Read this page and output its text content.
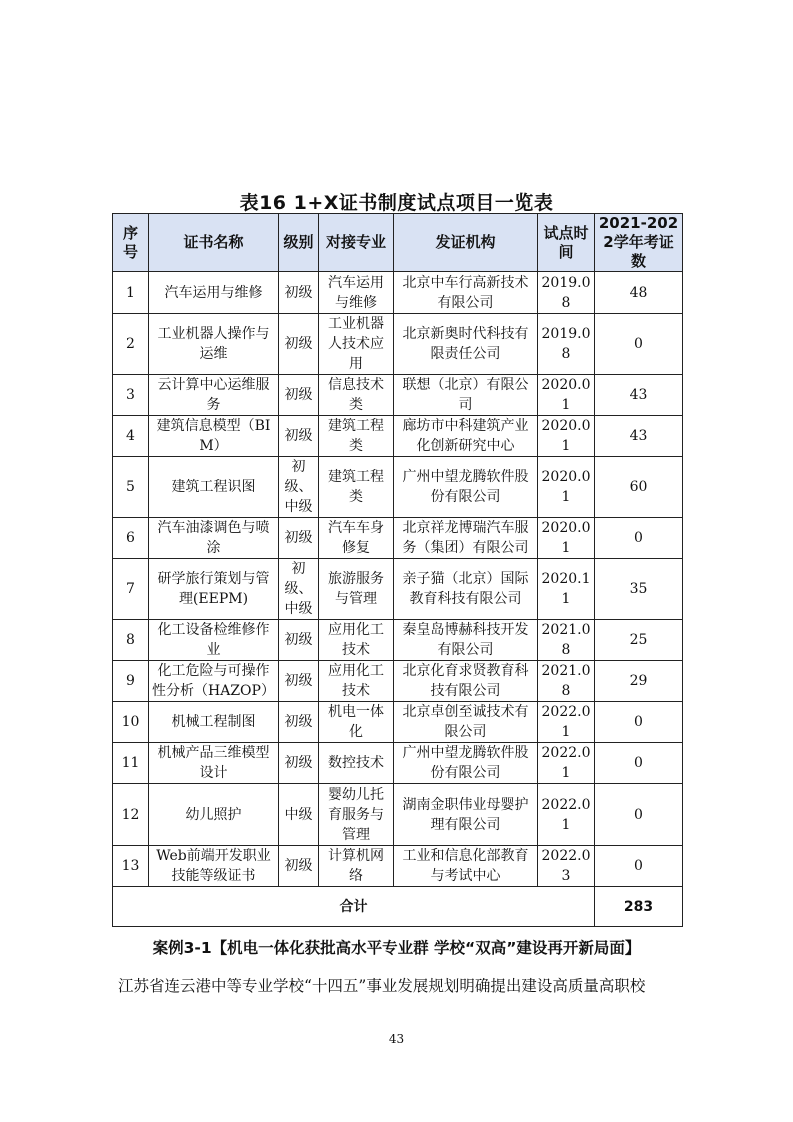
表16 1+X证书制度试点项目一览表
序号	证书名称	级别	对接专业	发证机构	试点时间	2021-2022学年考证数
1	汽车运用与维修	初级	汽车运用与维修	北京中车行高新技术有限公司	2019.08	48
2	工业机器人操作与运维	初级	工业机器人技术应用	北京新奥时代科技有限责任公司	2019.08	0
3	云计算中心运维服务	初级	信息技术类	联想（北京）有限公司	2020.01	43
4	建筑信息模型（BIM）	初级	建筑工程类	廊坊市中科建筑产业化创新研究中心	2020.01	43
5	建筑工程识图	初级、中级	建筑工程类	广州中望龙腾软件股份有限公司	2020.01	60
6	汽车油漆调色与喷涂	初级	汽车车身修复	北京祥龙博瑞汽车服务（集团）有限公司	2020.01	0
7	研学旅行策划与管理(EEPM)	初级、中级	旅游服务与管理	亲子猫（北京）国际教育科技有限公司	2020.11	35
8	化工设备检维修作业	初级	应用化工技术	秦皇岛博赫科技开发有限公司	2021.08	25
9	化工危险与可操作性分析（HAZOP）	初级	应用化工技术	北京化育求贤教育科技有限公司	2021.08	29
10	机械工程制图	初级	机电一体化	北京卓创至诚技术有限公司	2022.01	0
11	机械产品三维模型设计	初级	数控技术	广州中望龙腾软件股份有限公司	2022.01	0
12	幼儿照护	中级	婴幼儿托育服务与管理	湖南金职伟业母婴护理有限公司	2022.01	0
13	Web前端开发职业技能等级证书	初级	计算机网络	工业和信息化部教育与考试中心	2022.03	0
合计						283
案例3-1【机电一体化获批高水平专业群 学校“双高”建设再开新局面】
江苏省连云港中等专业学校“十四五”事业发展规划明确提出建设高质量高职校
43
